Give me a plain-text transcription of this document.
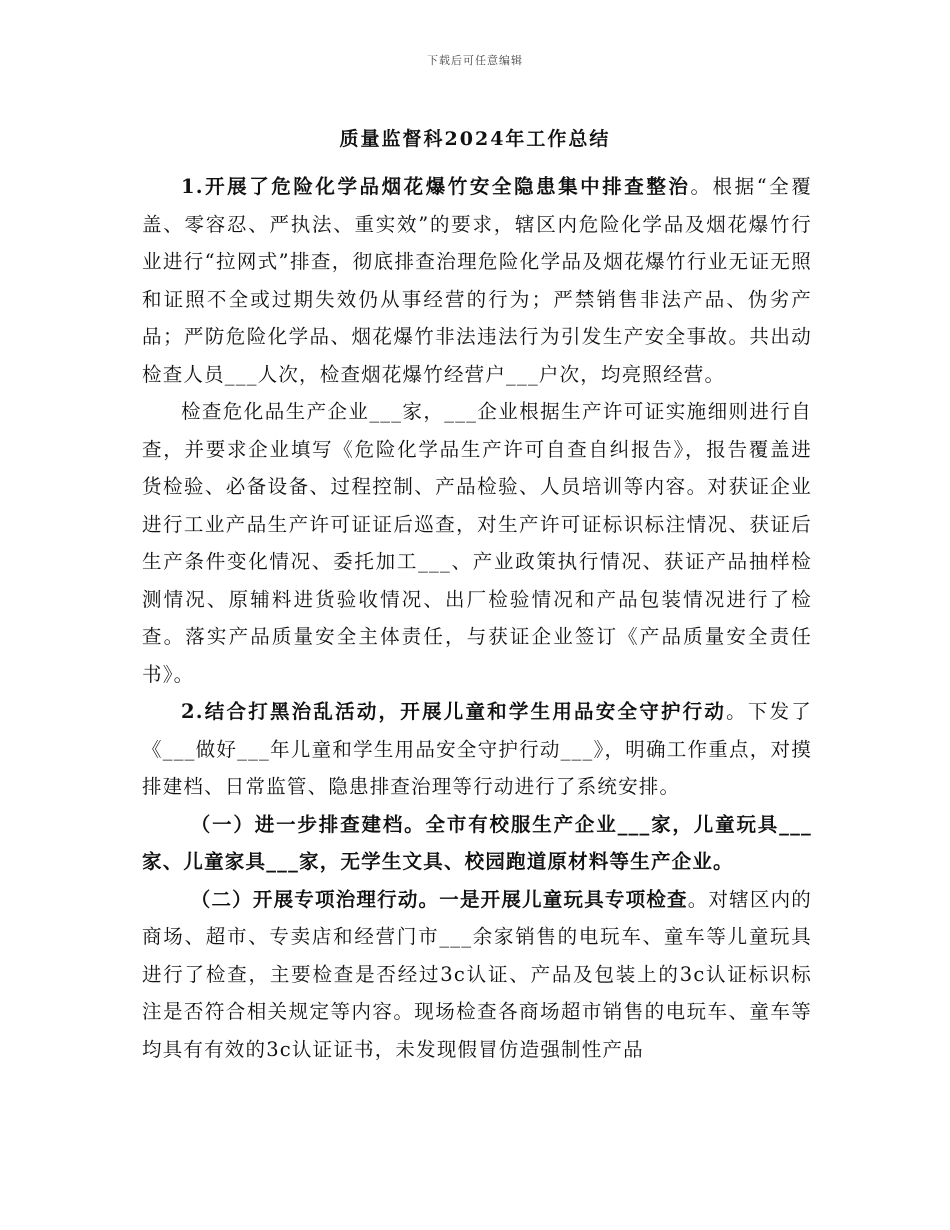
下载后可任意编辑
质量监督科2024年工作总结

1.开展了危险化学品烟花爆竹安全隐患集中排查整治。根据“全覆盖、零容忍、严执法、重实效”的要求，辖区内危险化学品及烟花爆竹行业进行“拉网式”排查，彻底排查治理危险化学品及烟花爆竹行业无证无照和证照不全或过期失效仍从事经营的行为；严禁销售非法产品、伪劣产品；严防危险化学品、烟花爆竹非法违法行为引发生产安全事故。共出动检查人员___人次，检查烟花爆竹经营户___户次，均亮照经营。

检查危化品生产企业___家，___企业根据生产许可证实施细则进行自查，并要求企业填写《危险化学品生产许可自查自纠报告》，报告覆盖进货检验、必备设备、过程控制、产品检验、人员培训等内容。对获证企业进行工业产品生产许可证证后巡查，对生产许可证标识标注情况、获证后生产条件变化情况、委托加工___、产业政策执行情况、获证产品抽样检测情况、原辅料进货验收情况、出厂检验情况和产品包装情况进行了检查。落实产品质量安全主体责任，与获证企业签订《产品质量安全责任书》。

2.结合打黑治乱活动，开展儿童和学生用品安全守护行动。下发了《___做好___年儿童和学生用品安全守护行动___》，明确工作重点，对摸排建档、日常监管、隐患排查治理等行动进行了系统安排。

（一）进一步排查建档。全市有校服生产企业___家，儿童玩具___家、儿童家具___家，无学生文具、校园跑道原材料等生产企业。

（二）开展专项治理行动。一是开展儿童玩具专项检查。对辖区内的商场、超市、专卖店和经营门市___余家销售的电玩车、童车等儿童玩具进行了检查，主要检查是否经过3c认证、产品及包装上的3c认证标识标注是否符合相关规定等内容。现场检查各商场超市销售的电玩车、童车等均具有有效的3c认证证书，未发现假冒仿造强制性产品
